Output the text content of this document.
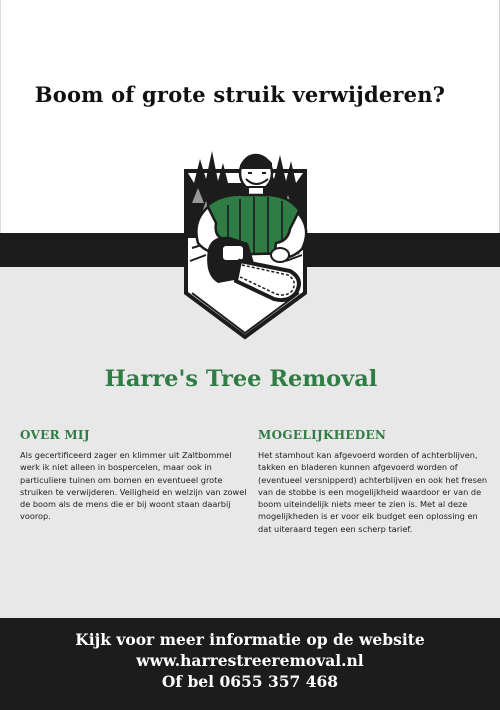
Boom of grote struik verwijderen?
Harre's Tree Removal
OVER MIJ
Als gecertificeerd zager en klimmer uit Zaltbommel
werk ik niet alleen in bospercelen, maar ook in
particuliere tuinen om bomen en eventueel grote
struiken te verwijderen. Veiligheid en welzijn van zowel
de boom als de mens die er bij woont staan daarbij
voorop.
MOGELIJKHEDEN
Het stamhout kan afgevoerd worden of achterblijven,
takken en bladeren kunnen afgevoerd worden of
(eventueel versnipperd) achterblijven en ook het fresen
van de stobbe is een mogelijkheid waardoor er van de
boom uiteindelijk niets meer te zien is. Met al deze
mogelijkheden is er voor elk budget een oplossing en
dat uiteraard tegen een scherp tarief.
Kijk voor meer informatie op de website
www.harrestreeremoval.nl
Of bel 0655 357 468
